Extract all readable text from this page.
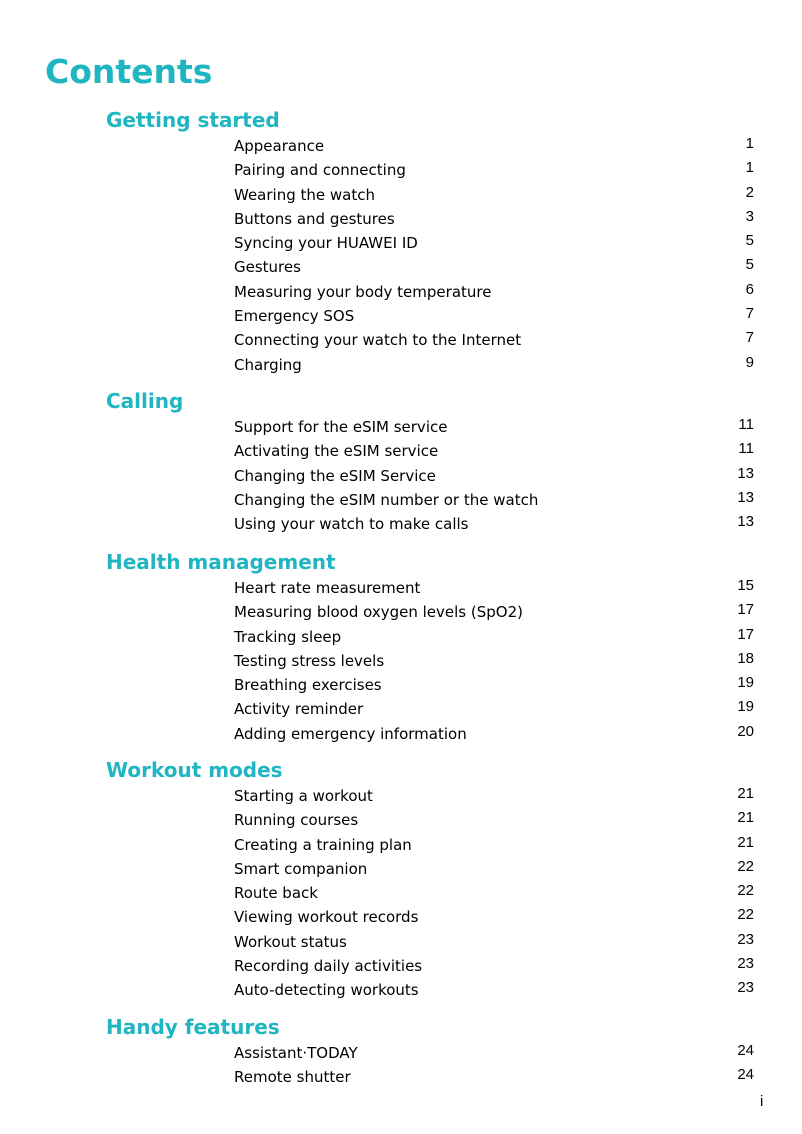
Contents
Getting started
Appearance	1
Pairing and connecting	1
Wearing the watch	2
Buttons and gestures	3
Syncing your HUAWEI ID	5
Gestures	5
Measuring your body temperature	6
Emergency SOS	7
Connecting your watch to the Internet	7
Charging	9
Calling
Support for the eSIM service	11
Activating the eSIM service	11
Changing the eSIM Service	13
Changing the eSIM number or the watch	13
Using your watch to make calls	13
Health management
Heart rate measurement	15
Measuring blood oxygen levels (SpO2)	17
Tracking sleep	17
Testing stress levels	18
Breathing exercises	19
Activity reminder	19
Adding emergency information	20
Workout modes
Starting a workout	21
Running courses	21
Creating a training plan	21
Smart companion	22
Route back	22
Viewing workout records	22
Workout status	23
Recording daily activities	23
Auto-detecting workouts	23
Handy features
Assistant·TODAY	24
Remote shutter	24
i
